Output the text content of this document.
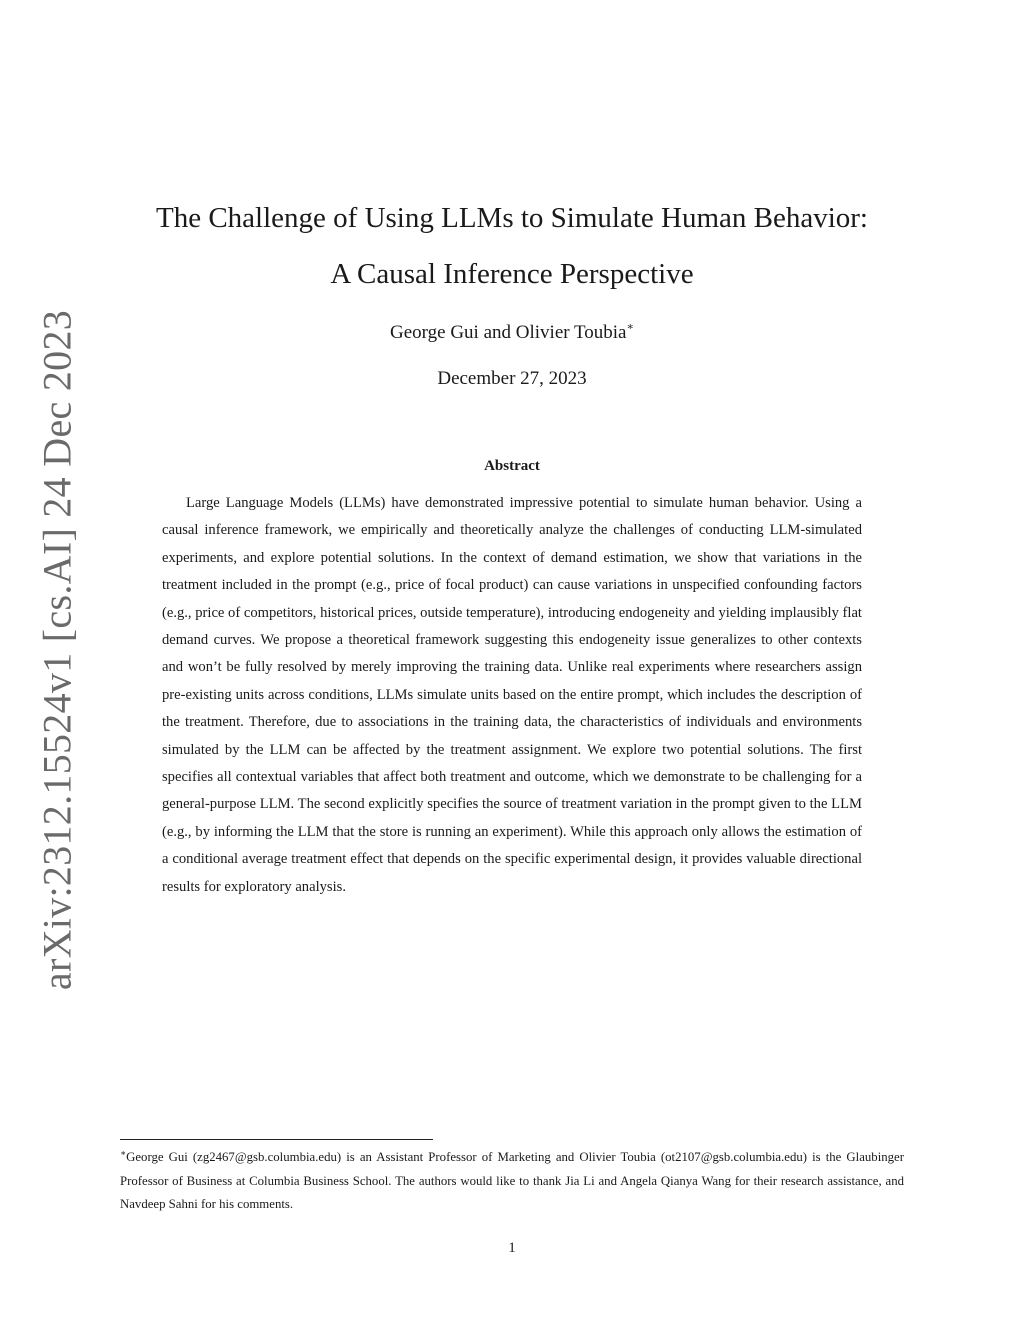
arXiv:2312.15524v1 [cs.AI] 24 Dec 2023
The Challenge of Using LLMs to Simulate Human Behavior:
A Causal Inference Perspective
George Gui and Olivier Toubia∗
December 27, 2023
Abstract

Large Language Models (LLMs) have demonstrated impressive potential to simulate human behavior. Using a causal inference framework, we empirically and theoretically analyze the challenges of conducting LLM-simulated experiments, and explore potential solutions. In the context of demand estimation, we show that variations in the treatment included in the prompt (e.g., price of focal product) can cause variations in unspecified confounding factors (e.g., price of competitors, historical prices, outside temperature), introducing endogeneity and yielding implausibly flat demand curves. We propose a theoretical framework suggesting this endogeneity issue generalizes to other contexts and won’t be fully resolved by merely improving the training data. Unlike real experiments where researchers assign pre-existing units across conditions, LLMs simulate units based on the entire prompt, which includes the description of the treatment. Therefore, due to associations in the training data, the characteristics of individuals and environments simulated by the LLM can be affected by the treatment assignment. We explore two potential solutions. The first specifies all contextual variables that affect both treatment and outcome, which we demonstrate to be challenging for a general-purpose LLM. The second explicitly specifies the source of treatment variation in the prompt given to the LLM (e.g., by informing the LLM that the store is running an experiment). While this approach only allows the estimation of a conditional average treatment effect that depends on the specific experimental design, it provides valuable directional results for exploratory analysis.

∗George Gui (zg2467@gsb.columbia.edu) is an Assistant Professor of Marketing and Olivier Toubia (ot2107@gsb.columbia.edu) is the Glaubinger Professor of Business at Columbia Business School. The authors would like to thank Jia Li and Angela Qianya Wang for their research assistance, and Navdeep Sahni for his comments.

1
